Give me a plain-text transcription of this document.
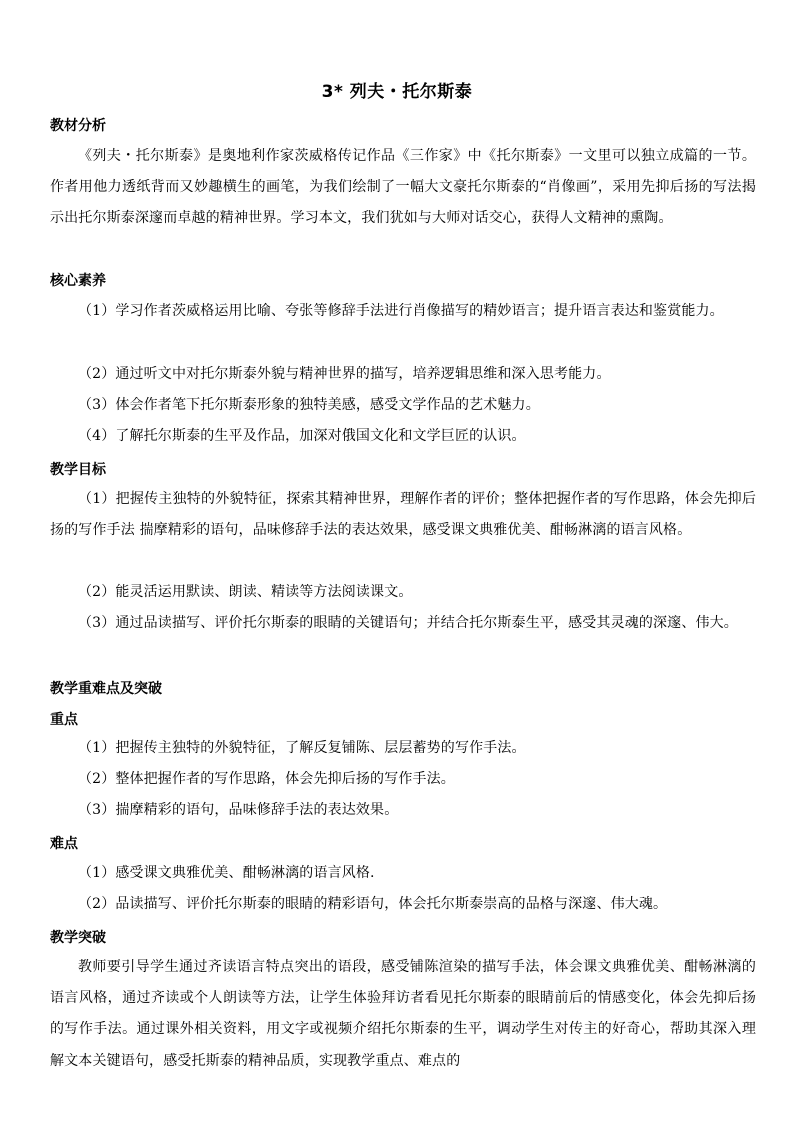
3* 列夫・托尔斯泰
教材分析
《列夫・托尔斯泰》是奥地利作家茨威格传记作品《三作家》中《托尔斯泰》一文里可以独立成篇的一节。作者用他力透纸背而又妙趣横生的画笔，为我们绘制了一幅大文豪托尔斯泰的“肖像画”，采用先抑后扬的写法揭示出托尔斯泰深邃而卓越的精神世界。学习本文，我们犹如与大师对话交心，获得人文精神的熏陶。
核心素养
（1）学习作者茨威格运用比喻、夸张等修辞手法进行肖像描写的精妙语言；提升语言表达和鉴赏能力。
（2）通过听文中对托尔斯泰外貌与精神世界的描写，培养逻辑思维和深入思考能力。
（3）体会作者笔下托尔斯泰形象的独特美感，感受文学作品的艺术魅力。
（4）了解托尔斯泰的生平及作品，加深对俄国文化和文学巨匠的认识。
教学目标
（1）把握传主独特的外貌特征，探索其精神世界，理解作者的评价；整体把握作者的写作思路，体会先抑后扬的写作手法 揣摩精彩的语句，品味修辞手法的表达效果，感受课文典雅优美、酣畅淋漓的语言风格。
（2）能灵活运用默读、朗读、精读等方法阅读课文。
（3）通过品读描写、评价托尔斯泰的眼睛的关键语句；并结合托尔斯泰生平，感受其灵魂的深邃、伟大。
教学重难点及突破
重点
（1）把握传主独特的外貌特征，了解反复铺陈、层层蓄势的写作手法。
（2）整体把握作者的写作思路，体会先抑后扬的写作手法。
（3）揣摩精彩的语句，品味修辞手法的表达效果。
难点
（1）感受课文典雅优美、酣畅淋漓的语言风格.
（2）品读描写、评价托尔斯泰的眼睛的精彩语句，体会托尔斯泰崇高的品格与深邃、伟大魂。
教学突破
教师要引导学生通过齐读语言特点突出的语段，感受铺陈渲染的描写手法，体会课文典雅优美、酣畅淋漓的语言风格，通过齐读或个人朗读等方法，让学生体验拜访者看见托尔斯泰的眼睛前后的情感变化，体会先抑后扬的写作手法。通过课外相关资料，用文字或视频介绍托尔斯泰的生平，调动学生对传主的好奇心，帮助其深入理解文本关键语句，感受托斯泰的精神品质，实现教学重点、难点的
